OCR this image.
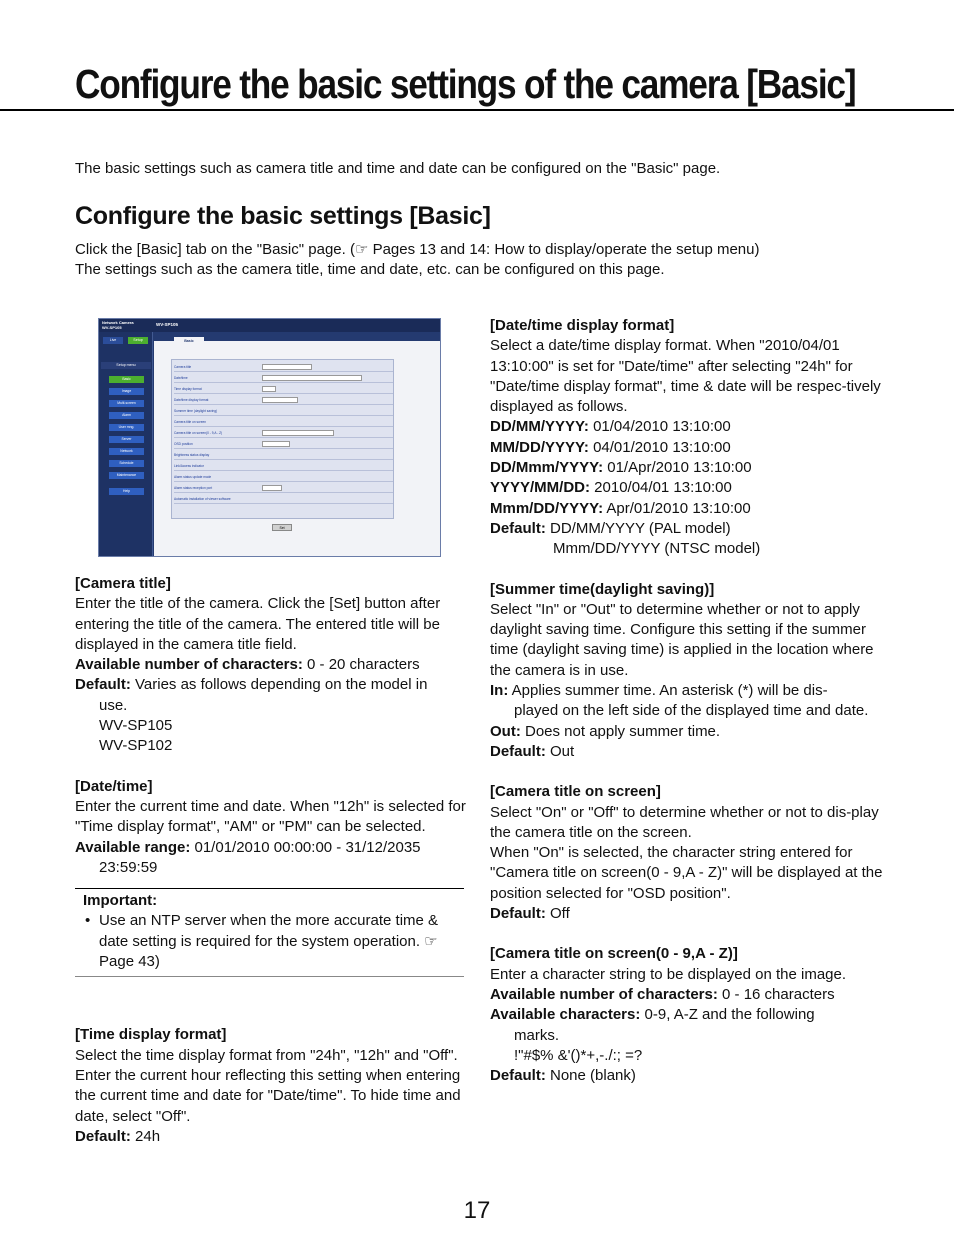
Configure the basic settings of the camera [Basic]

The basic settings such as camera title and time and date can be configured on the "Basic" page.

Configure the basic settings [Basic]

Click the [Basic] tab on the "Basic" page. (☞ Pages 13 and 14: How to display/operate the setup menu)

The settings such as the camera title, time and date, etc. can be configured on this page.

Network Camera
WV-SP105	WV-SP105
Live	Setup
Setup menu
Basic
Image
Multi-screen
Alarm
User mng.
Server
Network
Schedule
Maintenance
Help
Basic
Camera title
Date/time
Time display format
Date/time display format
Summer time (daylight saving)
Camera title on screen
Camera title on screen(0 - 9,A - Z)
OSD position
Brightness status display
Link/Access indicator
Alarm status update mode
Alarm status reception port
Automatic installation of viewer software
Set

[Camera title]

Enter the title of the camera. Click the [Set] button after entering the title of the camera. The entered title will be displayed in the camera title field.

Available number of characters: 0 - 20 characters

Default: Varies as follows depending on the model in

use.

WV-SP105

WV-SP102

[Date/time]

Enter the current time and date. When "12h" is selected for "Time display format", "AM" or "PM" can be selected.

Available range: 01/01/2010 00:00:00 - 31/12/2035

23:59:59

Important:

• Use an NTP server when the more accurate time & date setting is required for the system operation. ☞ Page 43)

[Time display format]

Select the time display format from "24h", "12h" and "Off". Enter the current hour reflecting this setting when entering the current time and date for "Date/time". To hide time and date, select "Off".

Default: 24h

[Date/time display format]

Select a date/time display format. When "2010/04/01 13:10:00" is set for "Date/time" after selecting "24h" for "Date/time display format", time & date will be respec-tively displayed as follows.

DD/MM/YYYY: 01/04/2010 13:10:00

MM/DD/YYYY: 04/01/2010 13:10:00

DD/Mmm/YYYY: 01/Apr/2010 13:10:00

YYYY/MM/DD: 2010/04/01 13:10:00

Mmm/DD/YYYY: Apr/01/2010 13:10:00

Default: DD/MM/YYYY (PAL model)

Mmm/DD/YYYY (NTSC model)

[Summer time(daylight saving)]

Select "In" or "Out" to determine whether or not to apply daylight saving time. Configure this setting if the summer time (daylight saving time) is applied in the location where the camera is in use.

In: Applies summer time. An asterisk (*) will be dis-

played on the left side of the displayed time and date.

Out: Does not apply summer time.

Default: Out

[Camera title on screen]

Select "On" or "Off" to determine whether or not to dis-play the camera title on the screen.

When "On" is selected, the character string entered for "Camera title on screen(0 - 9,A - Z)" will be displayed at the position selected for "OSD position".

Default: Off

[Camera title on screen(0 - 9,A - Z)]

Enter a character string to be displayed on the image.

Available number of characters: 0 - 16 characters

Available characters: 0-9, A-Z and the following

marks.

!"#$% &'()*+,-./:; =?

Default: None (blank)

17
